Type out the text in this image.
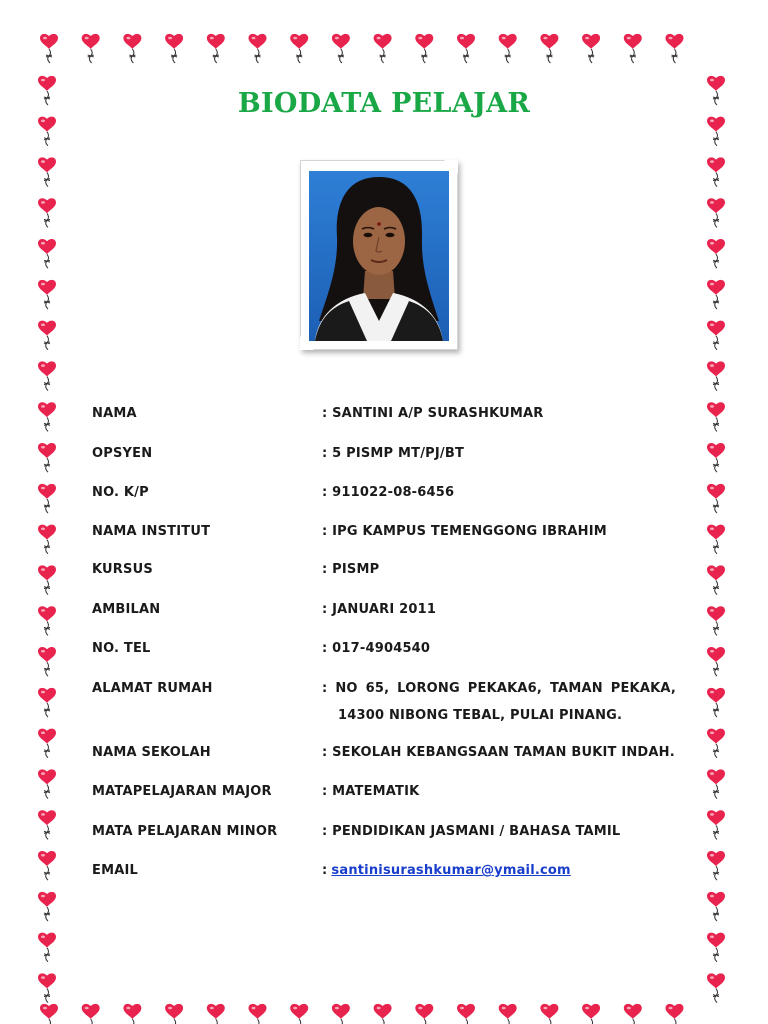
BIODATA PELAJAR
NAMA	: SANTINI A/P SURASHKUMAR
OPSYEN	: 5 PISMP MT/PJ/BT
NO. K/P	: 911022-08-6456
NAMA INSTITUT	: IPG KAMPUS TEMENGGONG IBRAHIM
KURSUS	: PISMP
AMBILAN	: JANUARI 2011
NO. TEL	: 017-4904540
ALAMAT RUMAH	: NO 65, LORONG PEKAKA6, TAMAN PEKAKA,
14300 NIBONG TEBAL, PULAI PINANG.
NAMA SEKOLAH	: SEKOLAH KEBANGSAAN TAMAN BUKIT INDAH.
MATAPELAJARAN MAJOR	: MATEMATIK
MATA PELAJARAN MINOR	: PENDIDIKAN JASMANI / BAHASA TAMIL
EMAIL	: santinisurashkumar@ymail.com
